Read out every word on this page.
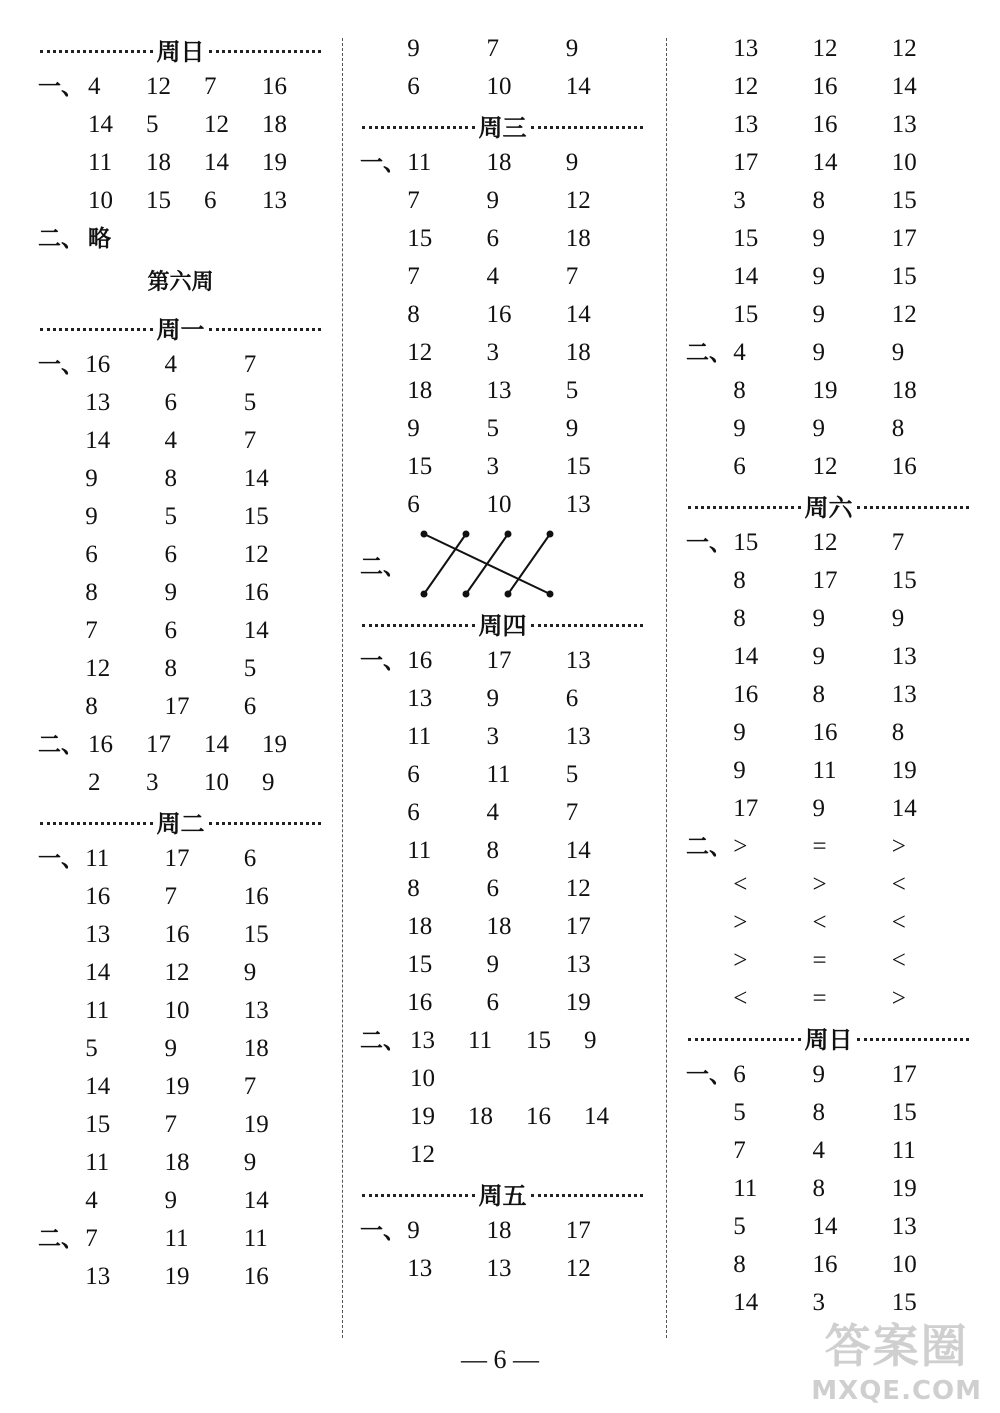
周日
一、 4	12	7	16
14	5	12	18
11	18	14	19
10	15	6	13
二、 略
第六周
周一
一、 16	4	7
13	6	5
14	4	7
9	8	14
9	5	15
6	6	12
8	9	16
7	6	14
12	8	5
8	17	6
二、 16	17	14	19
2	3	10	9
周二
一、 11	17	6
16	7	16
13	16	15
14	12	9
11	10	13
5	9	18
14	19	7
15	7	19
11	18	9
4	9	14
二、 7	11	11
13	19	16
9	7	9
6	10	14
周三
一、 11	18	9
7	9	12
15	6	18
7	4	7
8	16	14
12	3	18
18	13	5
9	5	9
15	3	15
6	10	13
二、
周四
一、 16	17	13
13	9	6
11	3	13
6	11	5
6	4	7
11	8	14
8	6	12
18	18	17
15	9	13
16	6	19
二、 13	11	15	9
10
19	18	16	14
12
周五
一、 9	18	17
13	13	12
13	12	12
12	16	14
13	16	13
17	14	10
3	8	15
15	9	17
14	9	15
15	9	12
二、 4	9	9
8	19	18
9	9	8
6	12	16
周六
一、 15	12	7
8	17	15
8	9	9
14	9	13
16	8	13
9	16	8
9	11	19
17	9	14
二、 >	=	>
<	>	<
>	<	<
>	=	<
<	=	>
周日
一、 6	9	17
5	8	15
7	4	11
11	8	19
5	14	13
8	16	10
14	3	15
— 6 —	答案圈
MXQE.COM
